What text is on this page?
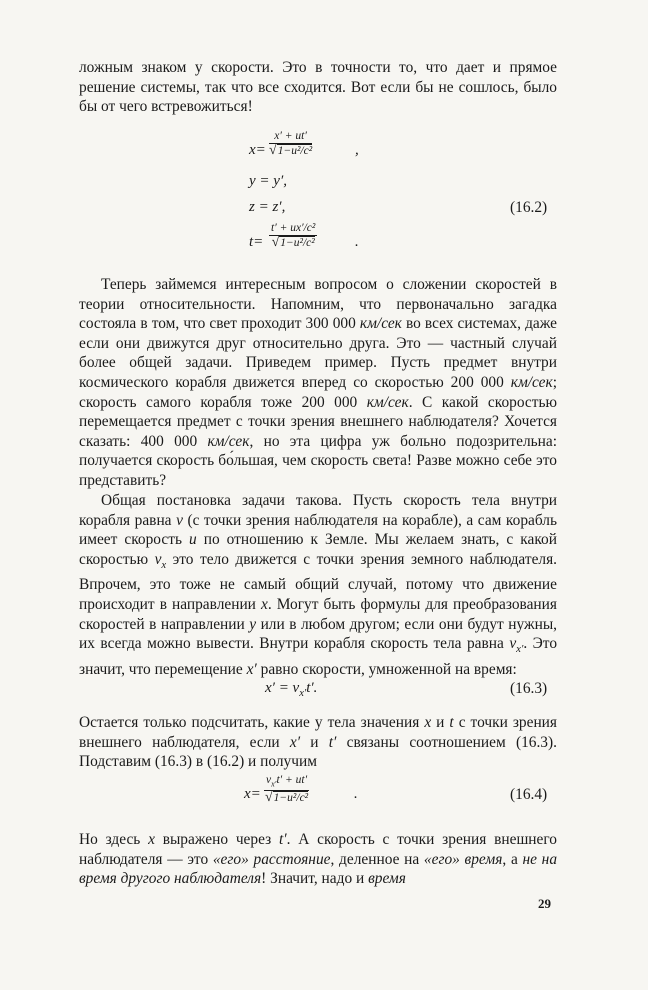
ложным знаком у скорости. Это в точности то, что дает и прямое решение системы, так что все сходится. Вот если бы не сошлось, было бы от чего встревожиться!

x=
x′ + ut′
√1−u²/c²	,
y = y′,
z = z′,	(16.2)
t=
t′ + ux′/c²
√1−u²/c²	.

Теперь займемся интересным вопросом о сложении скоростей в теории относительности. Напомним, что первоначально загадка состояла в том, что свет проходит 300 000 км/сек во всех системах, даже если они движутся друг относительно друга. Это — частный случай более общей задачи. Приведем пример. Пусть предмет внутри космического корабля движется вперед со скоростью 200 000 км/сек; скорость самого корабля тоже 200 000 км/сек. С какой скоростью перемещается предмет с точки зрения внешнего наблюдателя? Хочется сказать: 400 000 км/сек, но эта цифра уж больно подозрительна: получается скорость бо́льшая, чем скорость света! Разве можно себе это представить?

Общая постановка задачи такова. Пусть скорость тела внутри корабля равна v (с точки зрения наблюдателя на корабле), а сам корабль имеет скорость u по отношению к Земле. Мы желаем знать, с какой скоростью $v_x$ это тело движется с точки зрения земного наблюдателя. Впрочем, это тоже не самый общий случай, потому что движение происходит в направлении x. Могут быть формулы для преобразования скоростей в направлении y или в любом другом; если они будут нужны, их всегда можно вывести. Внутри корабля скорость тела равна $v_{x'}$. Это значит, что перемещение x′ равно скорости, умноженной на время:

$x' = v_{x'}t'$.	(16.3)

Остается только подсчитать, какие у тела значения x и t с точки зрения внешнего наблюдателя, если x′ и t′ связаны соотношением (16.3). Подставим (16.3) в (16.2) и получим

x=
$v_{x'}t' + ut'$
√1−u²/c²	.	(16.4)

Но здесь x выражено через t′. А скорость с точки зрения внешнего наблюдателя — это «его» расстояние, деленное на «его» время, а не на время другого наблюдателя! Значит, надо и время

29
